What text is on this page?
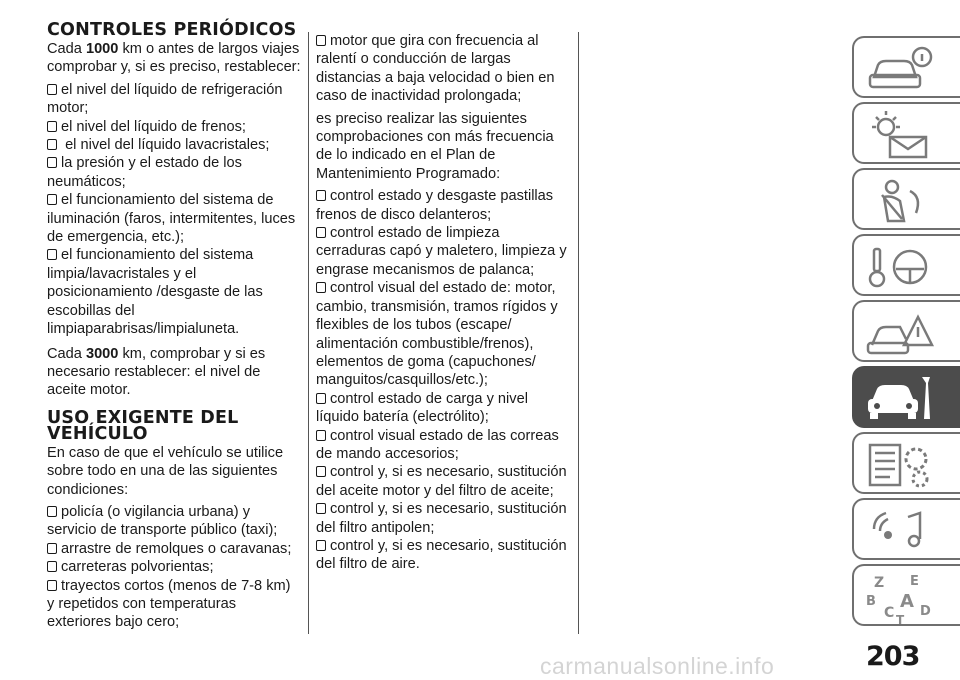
CONTROLES PERIÓDICOS

Cada 1000 km o antes de largos viajes comprobar y, si es preciso, restablecer:

el nivel del líquido de refrigeración motor;
el nivel del líquido de frenos;
el nivel del líquido lavacristales;
la presión y el estado de los neumáticos;
el funcionamiento del sistema de iluminación (faros, intermitentes, luces de emergencia, etc.);
el funcionamiento del sistema limpia/lavacristales y el posicionamiento /desgaste de las escobillas del limpiaparabrisas/limpialuneta.

Cada 3000 km, comprobar y si es necesario restablecer: el nivel de aceite motor.

USO EXIGENTE DEL VEHÍCULO

En caso de que el vehículo se utilice sobre todo en una de las siguientes condiciones:

policía (o vigilancia urbana) y servicio de transporte público (taxi);
arrastre de remolques o caravanas;
carreteras polvorientas;
trayectos cortos (menos de 7-8 km) y repetidos con temperaturas exteriores bajo cero;
motor que gira con frecuencia al ralentí o conducción de largas distancias a baja velocidad o bien en caso de inactividad prolongada;

es preciso realizar las siguientes comprobaciones con más frecuencia de lo indicado en el Plan de Mantenimiento Programado:

control estado y desgaste pastillas frenos de disco delanteros;
control estado de limpieza cerraduras capó y maletero, limpieza y engrase mecanismos de palanca;
control visual del estado de: motor, cambio, transmisión, tramos rígidos y flexibles de los tubos (escape/ alimentación combustible/frenos), elementos de goma (capuchones/ manguitos/casquillos/etc.);
control estado de carga y nivel líquido batería (electrólito);
control visual estado de las correas de mando accesorios;
control y, si es necesario, sustitución del aceite motor y del filtro de aceite;
control y, si es necesario, sustitución del filtro antipolen;
control y, si es necesario, sustitución del filtro de aire.
Z E
B A
C D
T
carmanualsonline.info	203
